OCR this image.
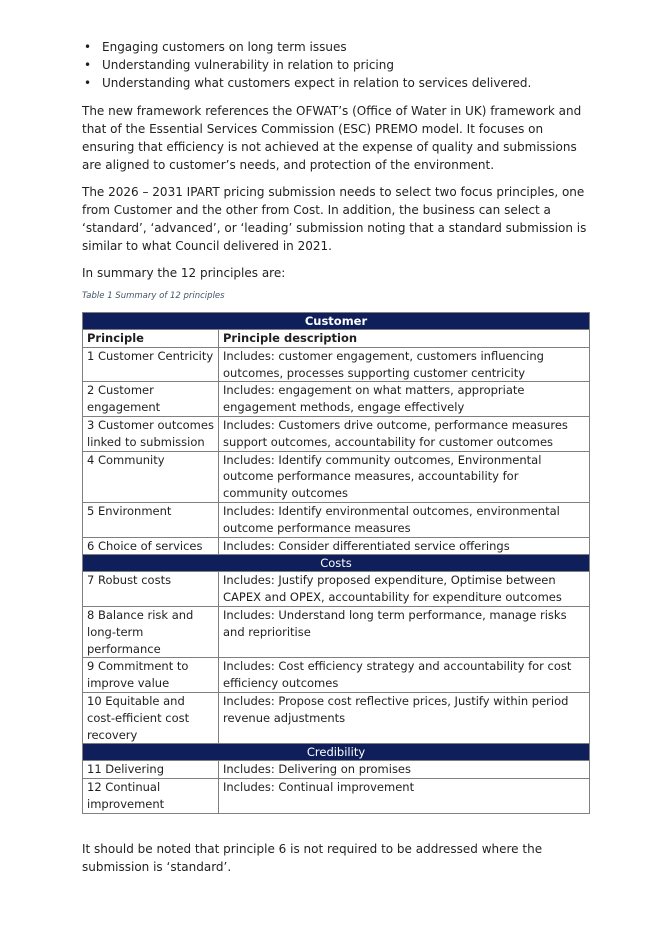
• Engaging customers on long term issues
• Understanding vulnerability in relation to pricing
• Understanding what customers expect in relation to services delivered.

The new framework references the OFWAT’s (Office of Water in UK) framework and that of the Essential Services Commission (ESC) PREMO model. It focuses on ensuring that efficiency is not achieved at the expense of quality and submissions are aligned to customer’s needs, and protection of the environment.

The 2026 – 2031 IPART pricing submission needs to select two focus principles, one from Customer and the other from Cost. In addition, the business can select a ‘standard’, ‘advanced’, or ‘leading’ submission noting that a standard submission is similar to what Council delivered in 2021.

In summary the 12 principles are:

Table 1 Summary of 12 principles
Customer	
Principle	Principle description
1 Customer Centricity	Includes: customer engagement, customers influencing outcomes, processes supporting customer centricity
2 Customer engagement	Includes: engagement on what matters, appropriate engagement methods, engage effectively
3 Customer outcomes linked to submission	Includes: Customers drive outcome, performance measures support outcomes, accountability for customer outcomes
4 Community	Includes: Identify community outcomes, Environmental outcome performance measures, accountability for community outcomes
5 Environment	Includes: Identify environmental outcomes, environmental outcome performance measures
6 Choice of services	Includes: Consider differentiated service offerings
Costs	
7 Robust costs	Includes: Justify proposed expenditure, Optimise between CAPEX and OPEX, accountability for expenditure outcomes
8 Balance risk and long-term performance	Includes: Understand long term performance, manage risks and reprioritise
9 Commitment to improve value	Includes: Cost efficiency strategy and accountability for cost efficiency outcomes
10 Equitable and cost-efficient cost recovery	Includes: Propose cost reflective prices, Justify within period revenue adjustments
Credibility	
11 Delivering	Includes: Delivering on promises
12 Continual improvement	Includes: Continual improvement

It should be noted that principle 6 is not required to be addressed where the submission is ‘standard’.
